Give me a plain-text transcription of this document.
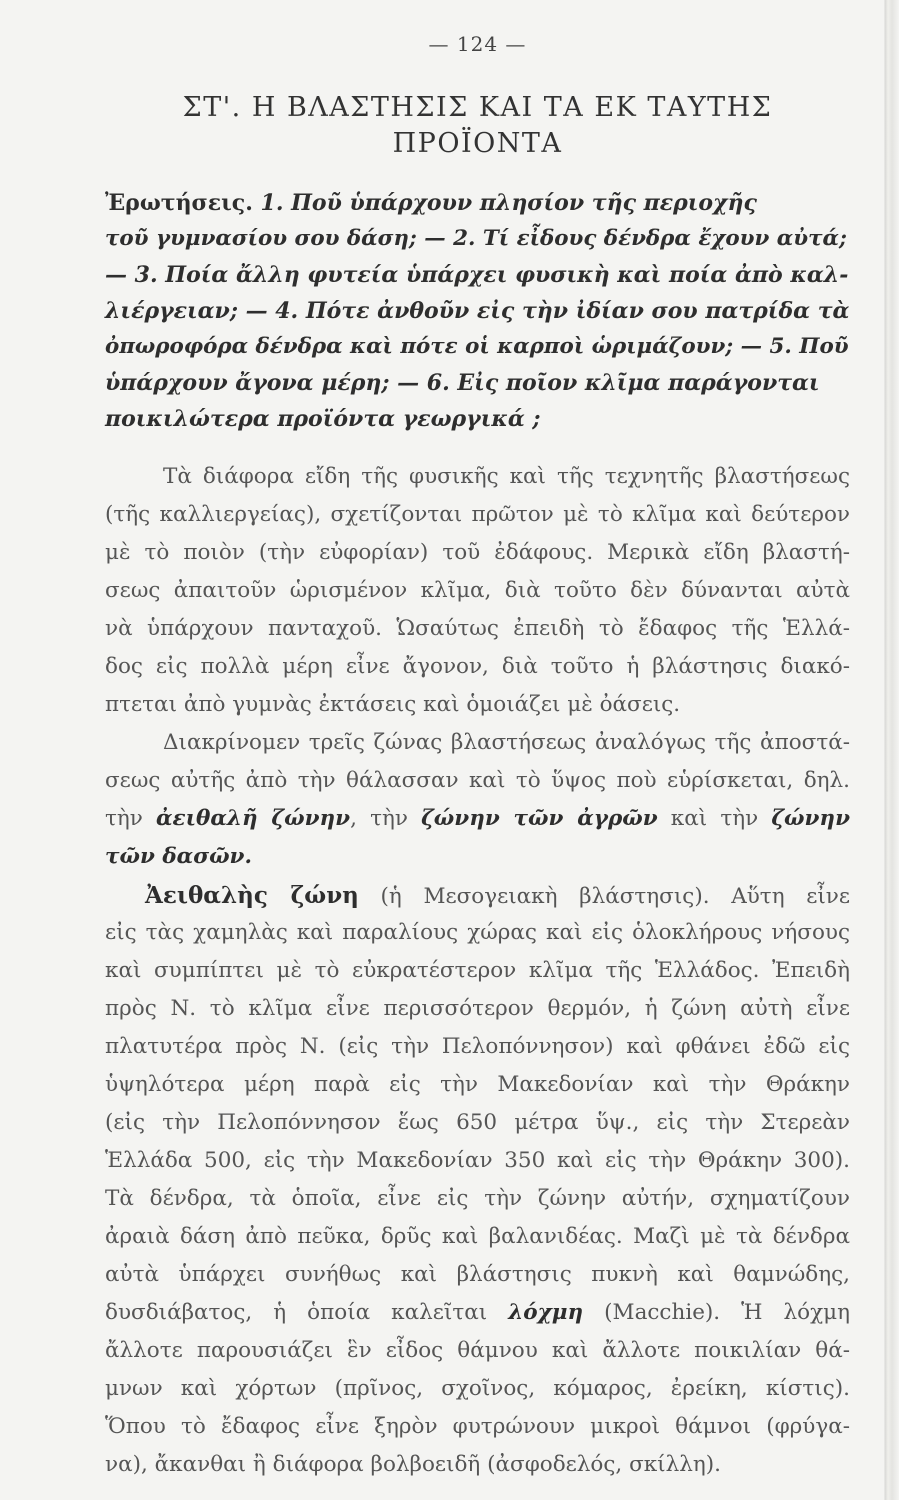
— 124 —
ΣΤ'. Η ΒΛΑΣΤΗΣΙΣ ΚΑΙ ΤΑ ΕΚ ΤΑΥΤΗΣ
ΠΡΟΪΟΝΤΑ
Ἐρωτήσεις. 1. Ποῦ ὑπάρχουν πλησίον τῆς περιοχῆς
τοῦ γυμνασίου σου δάση; — 2. Τί εἶδους δένδρα ἔχουν αὐτά;
— 3. Ποία ἄλλη φυτεία ὑπάρχει φυσικὴ καὶ ποία ἀπὸ καλ-
λιέργειαν; — 4. Πότε ἀνθοῦν εἰς τὴν ἰδίαν σου πατρίδα τὰ
ὀπωροφόρα δένδρα καὶ πότε οἱ καρποὶ ὡριμάζουν; — 5. Ποῦ
ὑπάρχουν ἄγονα μέρη; — 6. Εἰς ποῖον κλῖμα παράγονται
ποικιλώτερα προϊόντα γεωργικά ;
Τὰ διάφορα εἴδη τῆς φυσικῆς καὶ τῆς τεχνητῆς βλαστήσεως
(τῆς καλλιεργείας), σχετίζονται πρῶτον μὲ τὸ κλῖμα καὶ δεύτερον
μὲ τὸ ποιὸν (τὴν εὐφορίαν) τοῦ ἐδάφους. Μερικὰ εἴδη βλαστή-
σεως ἀπαιτοῦν ὡρισμένον κλῖμα, διὰ τοῦτο δὲν δύνανται αὐτὰ
νὰ ὑπάρχουν πανταχοῦ. Ὡσαύτως ἐπειδὴ τὸ ἔδαφος τῆς Ἑλλά-
δος εἰς πολλὰ μέρη εἶνε ἄγονον, διὰ τοῦτο ἡ βλάστησις διακό-
πτεται ἀπὸ γυμνὰς ἐκτάσεις καὶ ὁμοιάζει μὲ ὀάσεις.
Διακρίνομεν τρεῖς ζώνας βλαστήσεως ἀναλόγως τῆς ἀποστά-
σεως αὐτῆς ἀπὸ τὴν θάλασσαν καὶ τὸ ὕψος ποὺ εὑρίσκεται, δηλ.
τὴν ἀειθαλῆ ζώνην, τὴν ζώνην τῶν ἀγρῶν καὶ τὴν ζώνην
τῶν δασῶν.
Ἀειθαλὴς ζώνη (ἡ Μεσογειακὴ βλάστησις). Αὕτη εἶνε
εἰς τὰς χαμηλὰς καὶ παραλίους χώρας καὶ εἰς ὁλοκλήρους νήσους
καὶ συμπίπτει μὲ τὸ εὐκρατέστερον κλῖμα τῆς Ἑλλάδος. Ἐπειδὴ
πρὸς Ν. τὸ κλῖμα εἶνε περισσότερον θερμόν, ἡ ζώνη αὐτὴ εἶνε
πλατυτέρα πρὸς Ν. (εἰς τὴν Πελοπόννησον) καὶ φθάνει ἐδῶ εἰς
ὑψηλότερα μέρη παρὰ εἰς τὴν Μακεδονίαν καὶ τὴν Θράκην
(εἰς τὴν Πελοπόννησον ἕως 650 μέτρα ὕψ., εἰς τὴν Στερεὰν
Ἑλλάδα 500, εἰς τὴν Μακεδονίαν 350 καὶ εἰς τὴν Θράκην 300).
Τὰ δένδρα, τὰ ὁποῖα, εἶνε εἰς τὴν ζώνην αὐτήν, σχηματίζουν
ἀραιὰ δάση ἀπὸ πεῦκα, δρῦς καὶ βαλανιδέας. Μαζὶ μὲ τὰ δένδρα
αὐτὰ ὑπάρχει συνήθως καὶ βλάστησις πυκνὴ καὶ θαμνώδης,
δυσδιάβατος, ἡ ὁποία καλεῖται λόχμη (Macchie). Ἡ λόχμη
ἄλλοτε παρουσιάζει ἓν εἶδος θάμνου καὶ ἄλλοτε ποικιλίαν θά-
μνων καὶ χόρτων (πρῖνος, σχοῖνος, κόμαρος, ἐρείκη, κίστις).
Ὅπου τὸ ἔδαφος εἶνε ξηρὸν φυτρώνουν μικροὶ θάμνοι (φρύγα-
να), ἄκανθαι ἢ διάφορα βολβοειδῆ (ἀσφοδελός, σκίλλη).
